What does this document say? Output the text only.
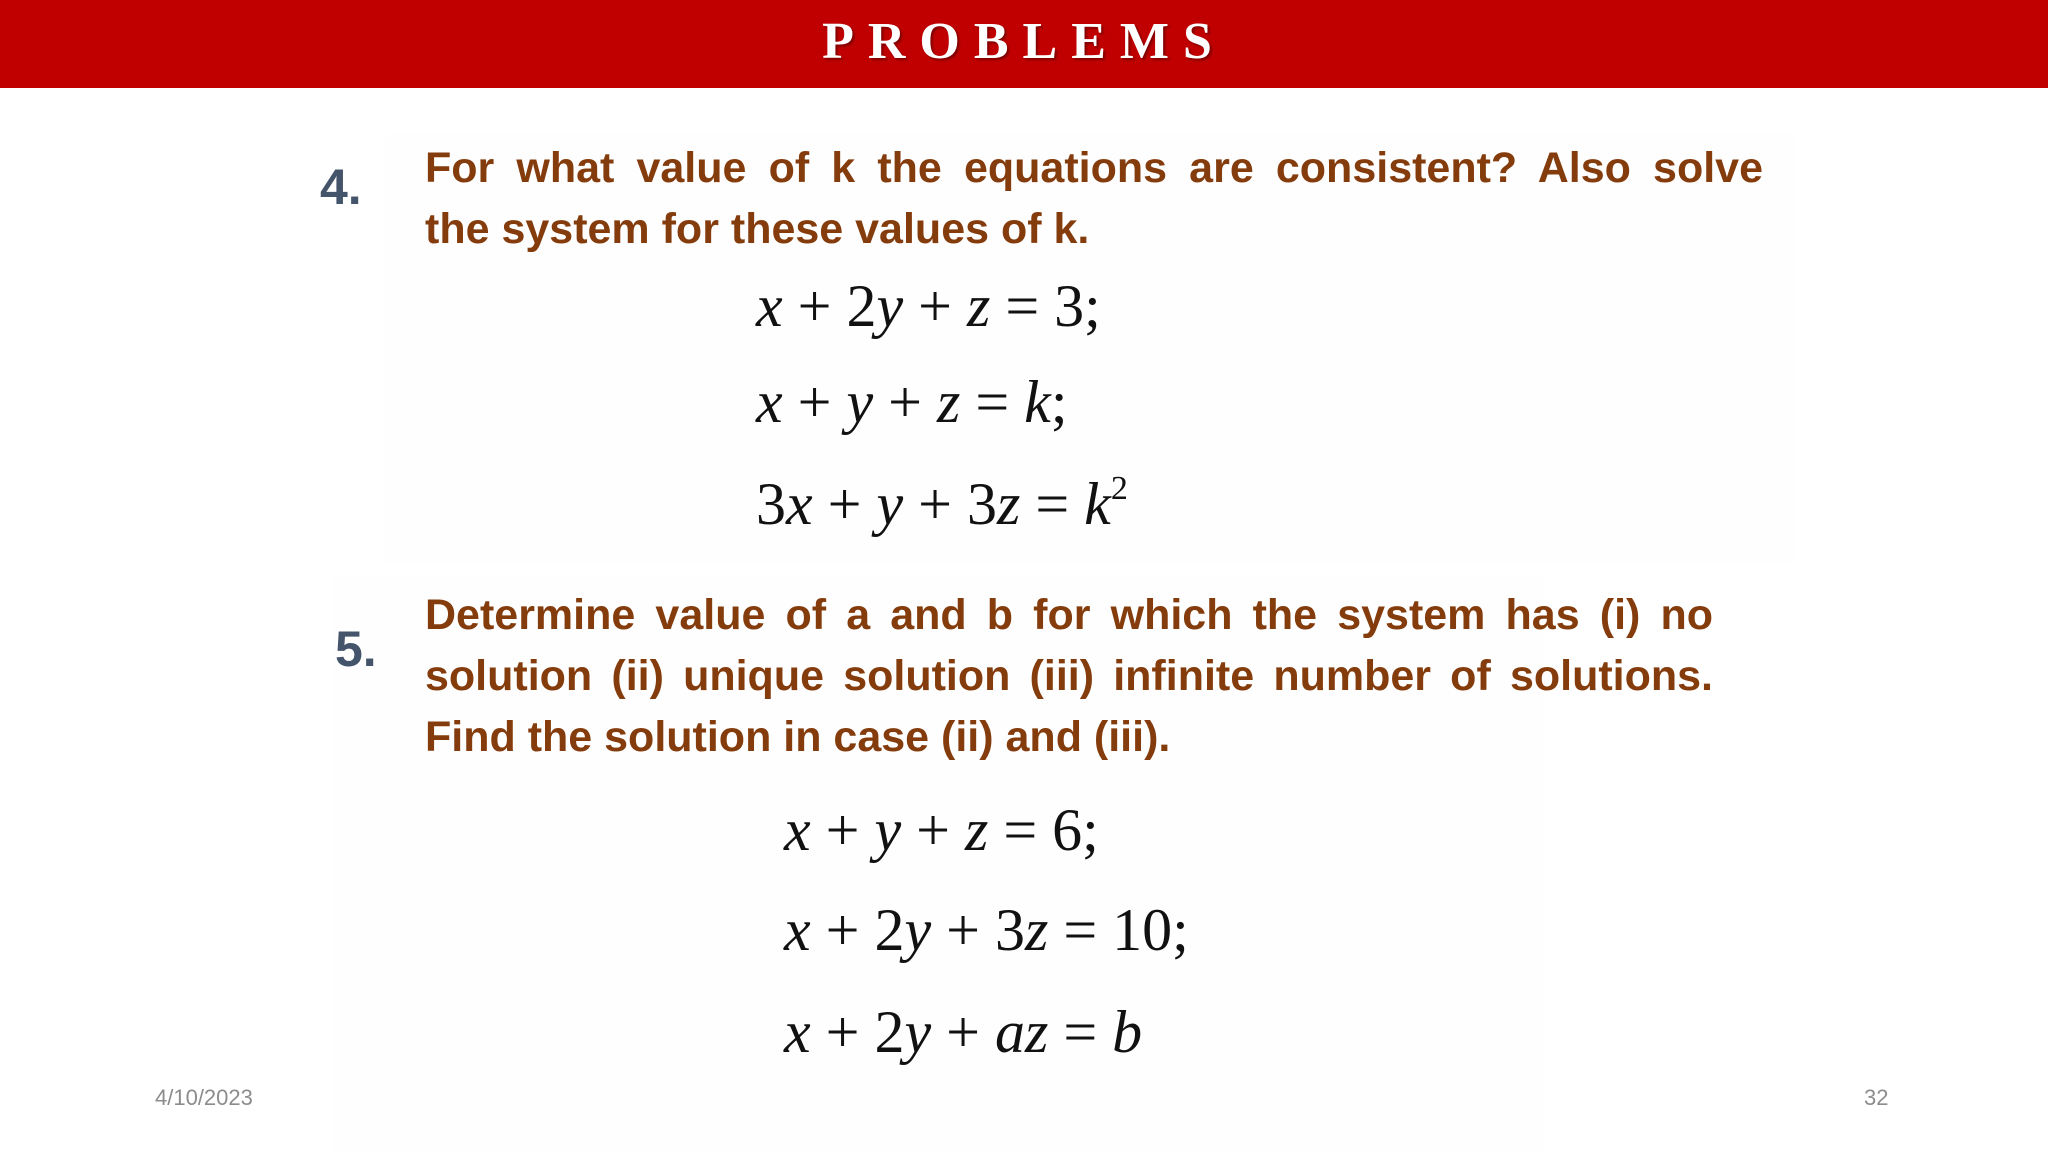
PROBLEMS
4. For what value of k the equations are consistent? Also solve
the system for these values of k.
x + 2y + z = 3;
x + y + z = k;
$3x + y + 3z = k^2$
5.
Determine value of a and b for which the system has (i) no
solution (ii) unique solution (iii) infinite number of solutions.
Find the solution in case (ii) and (iii).
x + y + z = 6;
x + 2y + 3z = 10;
x + 2y + az = b
4/10/2023	32
